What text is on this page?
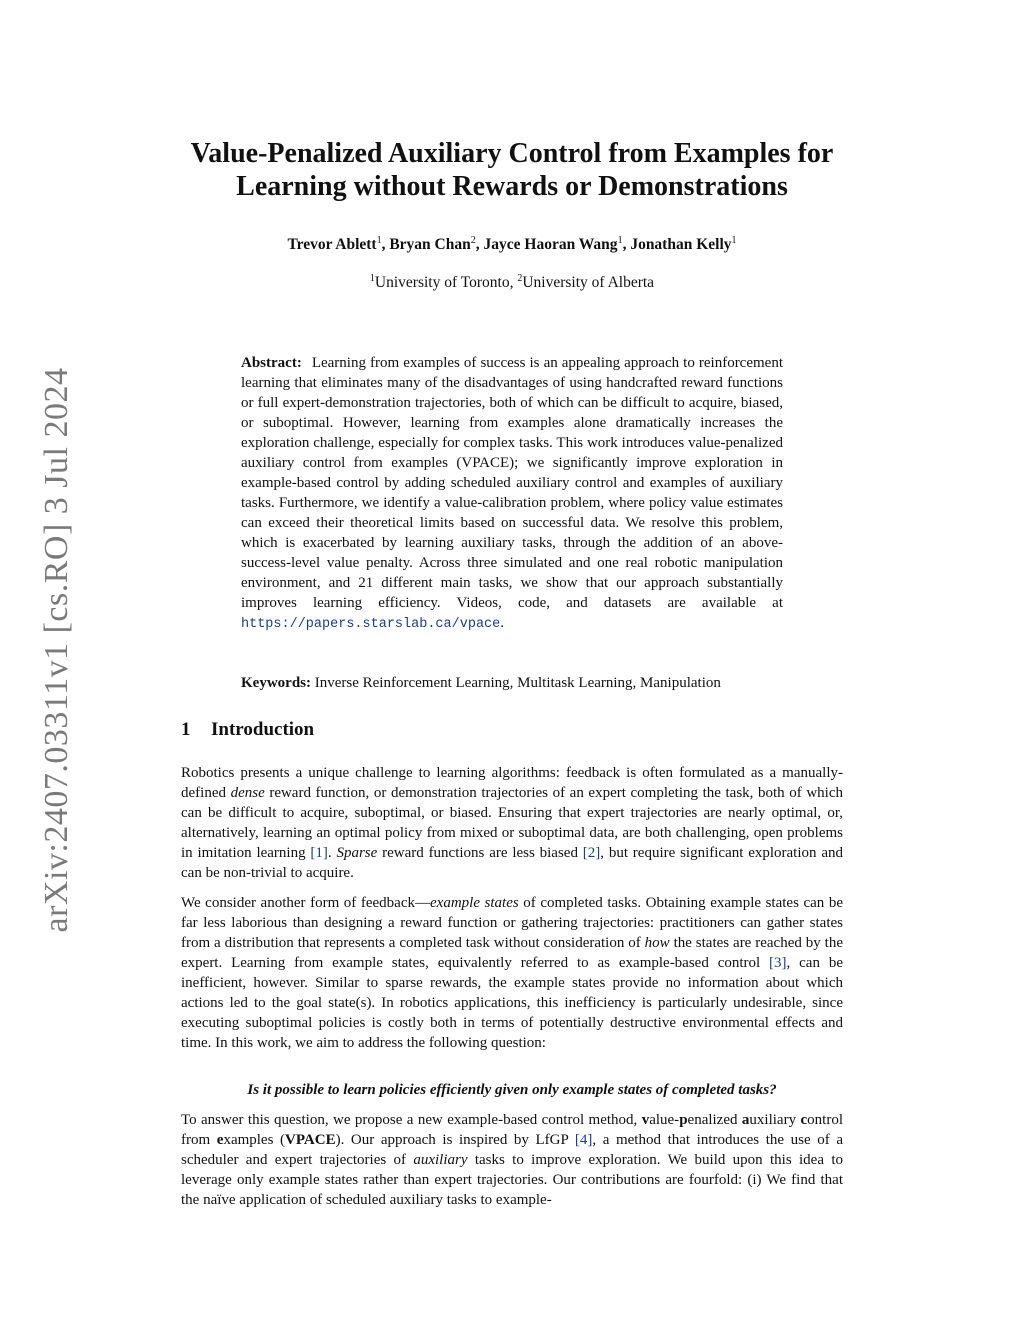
arXiv:2407.03311v1 [cs.RO] 3 Jul 2024
Value-Penalized Auxiliary Control from Examples for
Learning without Rewards or Demonstrations
Trevor Ablett$^1$, Bryan Chan$^2$, Jayce Haoran Wang$^1$, Jonathan Kelly$^1$
$^1$University of Toronto, $^2$University of Alberta

Abstract: Learning from examples of success is an appealing approach to reinforcement learning that eliminates many of the disadvantages of using handcrafted reward functions or full expert-demonstration trajectories, both of which can be difficult to acquire, biased, or suboptimal. However, learning from examples alone dramatically increases the exploration challenge, especially for complex tasks. This work introduces value-penalized auxiliary control from examples (VPACE); we significantly improve exploration in example-based control by adding scheduled auxiliary control and examples of auxiliary tasks. Furthermore, we identify a value-calibration problem, where policy value estimates can exceed their theoretical limits based on successful data. We resolve this problem, which is exacerbated by learning auxiliary tasks, through the addition of an above-success-level value penalty. Across three simulated and one real robotic manipulation environment, and 21 different main tasks, we show that our approach substantially improves learning efficiency. Videos, code, and datasets are available at https://papers.starslab.ca/vpace.

Keywords: Inverse Reinforcement Learning, Multitask Learning, Manipulation

1 Introduction

Robotics presents a unique challenge to learning algorithms: feedback is often formulated as a manually-defined dense reward function, or demonstration trajectories of an expert completing the task, both of which can be difficult to acquire, suboptimal, or biased. Ensuring that expert trajectories are nearly optimal, or, alternatively, learning an optimal policy from mixed or suboptimal data, are both challenging, open problems in imitation learning [1]. Sparse reward functions are less biased [2], but require significant exploration and can be non-trivial to acquire.

We consider another form of feedback—example states of completed tasks. Obtaining example states can be far less laborious than designing a reward function or gathering trajectories: practitioners can gather states from a distribution that represents a completed task without consideration of how the states are reached by the expert. Learning from example states, equivalently referred to as example-based control [3], can be inefficient, however. Similar to sparse rewards, the example states provide no information about which actions led to the goal state(s). In robotics applications, this inefficiency is particularly undesirable, since executing suboptimal policies is costly both in terms of potentially destructive environmental effects and time. In this work, we aim to address the following question:

Is it possible to learn policies efficiently given only example states of completed tasks?

To answer this question, we propose a new example-based control method, value-penalized auxiliary control from examples (VPACE). Our approach is inspired by LfGP [4], a method that introduces the use of a scheduler and expert trajectories of auxiliary tasks to improve exploration. We build upon this idea to leverage only example states rather than expert trajectories. Our contributions are fourfold: (i) We find that the naïve application of scheduled auxiliary tasks to example-
